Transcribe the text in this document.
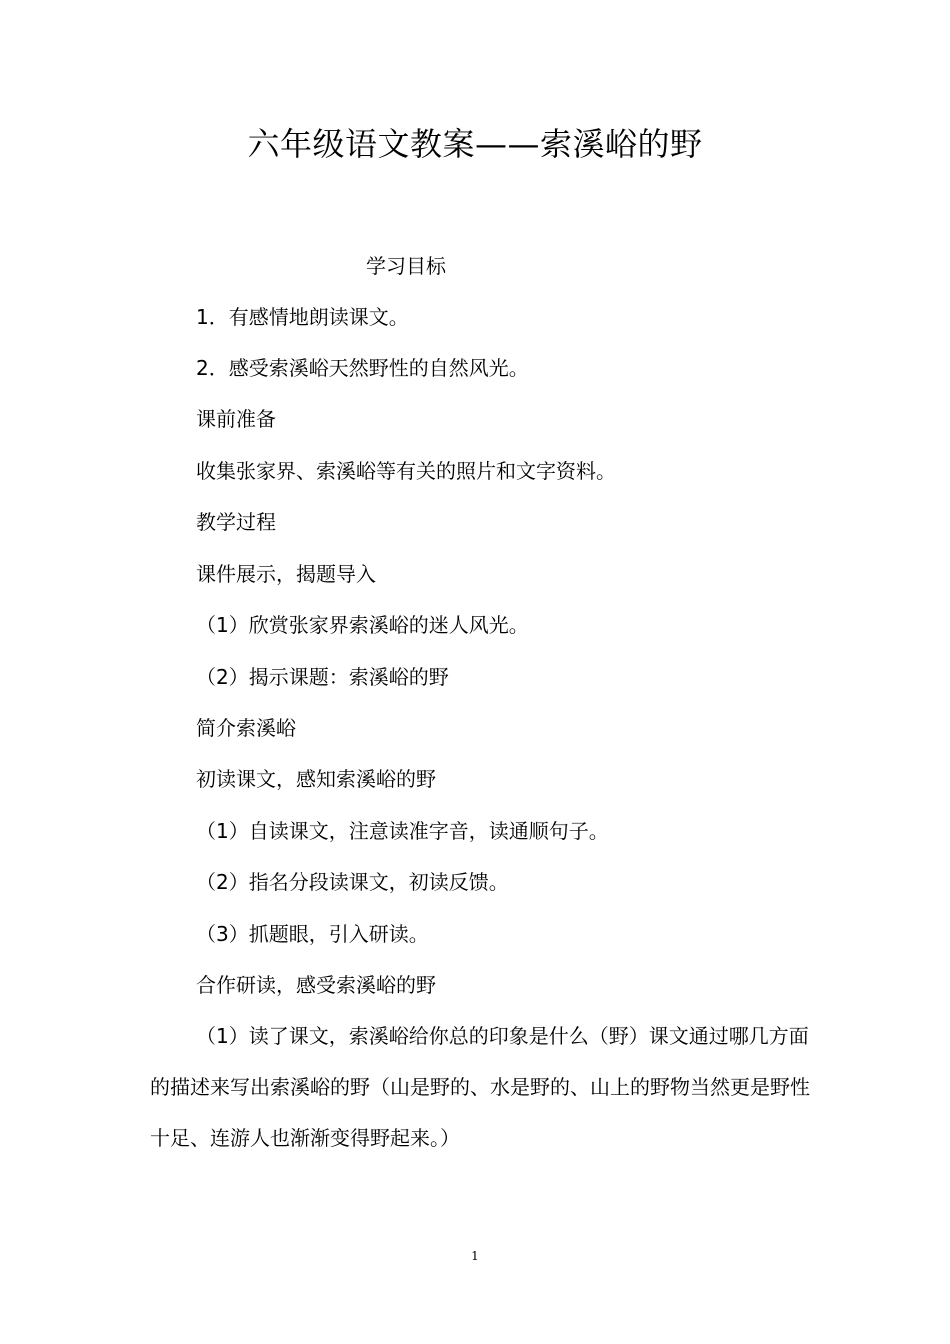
六年级语文教案——索溪峪的野
学习目标
1．有感情地朗读课文。
2．感受索溪峪天然野性的自然风光。
课前准备
收集张家界、索溪峪等有关的照片和文字资料。
教学过程
课件展示，揭题导入
（1）欣赏张家界索溪峪的迷人风光。
（2）揭示课题：索溪峪的野
简介索溪峪
初读课文，感知索溪峪的野
（1）自读课文，注意读准字音，读通顺句子。
（2）指名分段读课文，初读反馈。
（3）抓题眼，引入研读。
合作研读，感受索溪峪的野
（1）读了课文，索溪峪给你总的印象是什么（野）课文通过哪几方面的描述来写出索溪峪的野（山是野的、水是野的、山上的野物当然更是野性十足、连游人也渐渐变得野起来。）
1
